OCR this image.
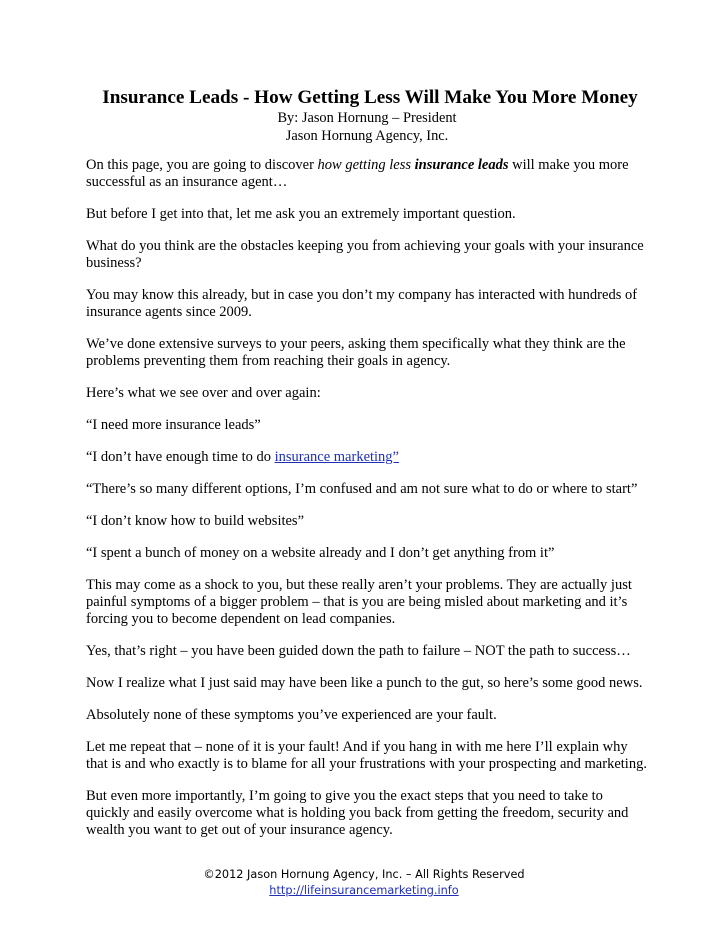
Insurance Leads - How Getting Less Will Make You More Money

By: Jason Hornung – President

Jason Hornung Agency, Inc.

On this page, you are going to discover how getting less insurance leads will make you more successful as an insurance agent…

But before I get into that, let me ask you an extremely important question.

What do you think are the obstacles keeping you from achieving your goals with your insurance business?

You may know this already, but in case you don’t my company has interacted with hundreds of insurance agents since 2009.

We’ve done extensive surveys to your peers, asking them specifically what they think are the problems preventing them from reaching their goals in agency.

Here’s what we see over and over again:

“I need more insurance leads”

“I don’t have enough time to do insurance marketing”

“There’s so many different options, I’m confused and am not sure what to do or where to start”

“I don’t know how to build websites”

“I spent a bunch of money on a website already and I don’t get anything from it”

This may come as a shock to you, but these really aren’t your problems. They are actually just painful symptoms of a bigger problem – that is you are being misled about marketing and it’s forcing you to become dependent on lead companies.

Yes, that’s right – you have been guided down the path to failure – NOT the path to success…

Now I realize what I just said may have been like a punch to the gut, so here’s some good news.

Absolutely none of these symptoms you’ve experienced are your fault.

Let me repeat that – none of it is your fault! And if you hang in with me here I’ll explain why that is and who exactly is to blame for all your frustrations with your prospecting and marketing.

But even more importantly, I’m going to give you the exact steps that you need to take to quickly and easily overcome what is holding you back from getting the freedom, security and wealth you want to get out of your insurance agency.

©2012 Jason Hornung Agency, Inc. – All Rights Reserved
http://lifeinsurancemarketing.info
